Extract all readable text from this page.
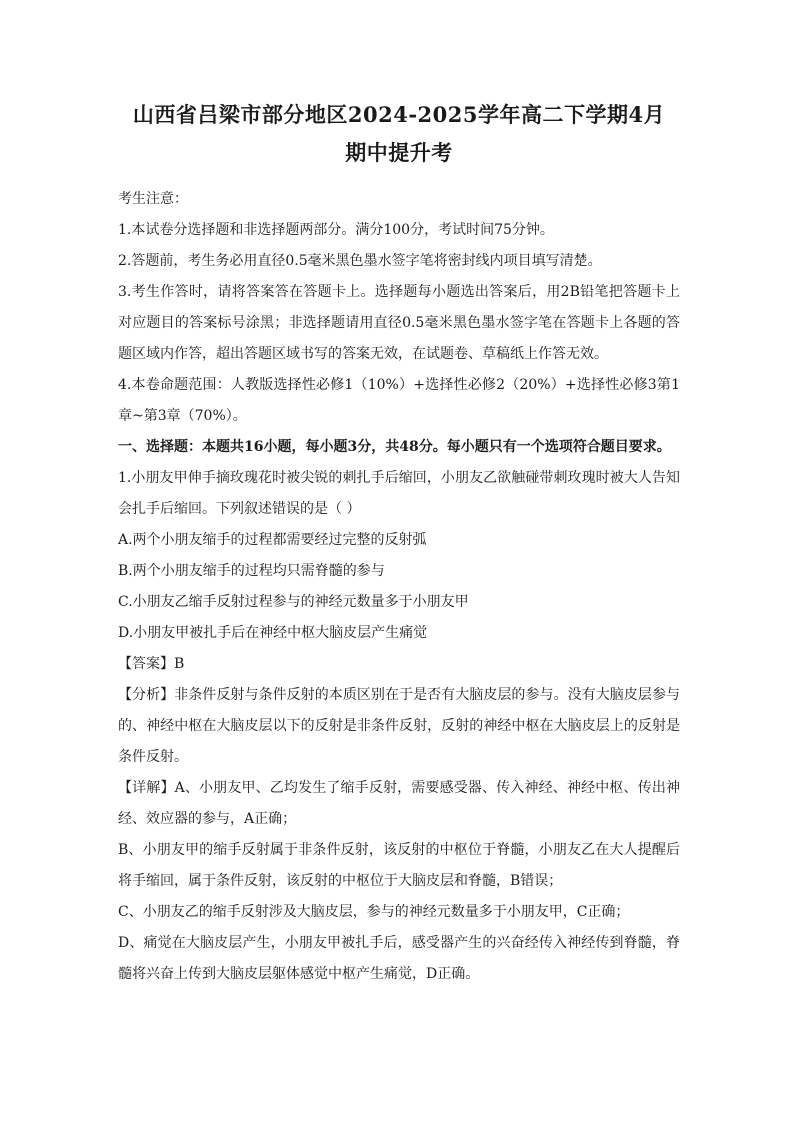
山西省吕梁市部分地区2024-2025学年高二下学期4月

期中提升考

考生注意：

1.本试卷分选择题和非选择题两部分。满分100分，考试时间75分钟。

2.答题前，考生务必用直径0.5毫米黑色墨水签字笔将密封线内项目填写清楚。

3.考生作答时，请将答案答在答题卡上。选择题每小题选出答案后，用2B铅笔把答题卡上对应题目的答案标号涂黑；非选择题请用直径0.5毫米黑色墨水签字笔在答题卡上各题的答题区域内作答，超出答题区域书写的答案无效，在试题卷、草稿纸上作答无效。

4.本卷命题范围：人教版选择性必修1（10%）+选择性必修2（20%）+选择性必修3第1章~第3章（70%）。

一、选择题：本题共16小题，每小题3分，共48分。每小题只有一个选项符合题目要求。

1.小朋友甲伸手摘玫瑰花时被尖锐的刺扎手后缩回，小朋友乙欲触碰带刺玫瑰时被大人告知会扎手后缩回。下列叙述错误的是（ ）

A.两个小朋友缩手的过程都需要经过完整的反射弧

B.两个小朋友缩手的过程均只需脊髓的参与

C.小朋友乙缩手反射过程参与的神经元数量多于小朋友甲

D.小朋友甲被扎手后在神经中枢大脑皮层产生痛觉

【答案】B

【分析】非条件反射与条件反射的本质区别在于是否有大脑皮层的参与。没有大脑皮层参与的、神经中枢在大脑皮层以下的反射是非条件反射，反射的神经中枢在大脑皮层上的反射是条件反射。

【详解】A、小朋友甲、乙均发生了缩手反射，需要感受器、传入神经、神经中枢、传出神经、效应器的参与，A正确；

B、小朋友甲的缩手反射属于非条件反射，该反射的中枢位于脊髓，小朋友乙在大人提醒后将手缩回，属于条件反射，该反射的中枢位于大脑皮层和脊髓，B错误；

C、小朋友乙的缩手反射涉及大脑皮层，参与的神经元数量多于小朋友甲，C正确；

D、痛觉在大脑皮层产生，小朋友甲被扎手后，感受器产生的兴奋经传入神经传到脊髓，脊髓将兴奋上传到大脑皮层躯体感觉中枢产生痛觉，D正确。
